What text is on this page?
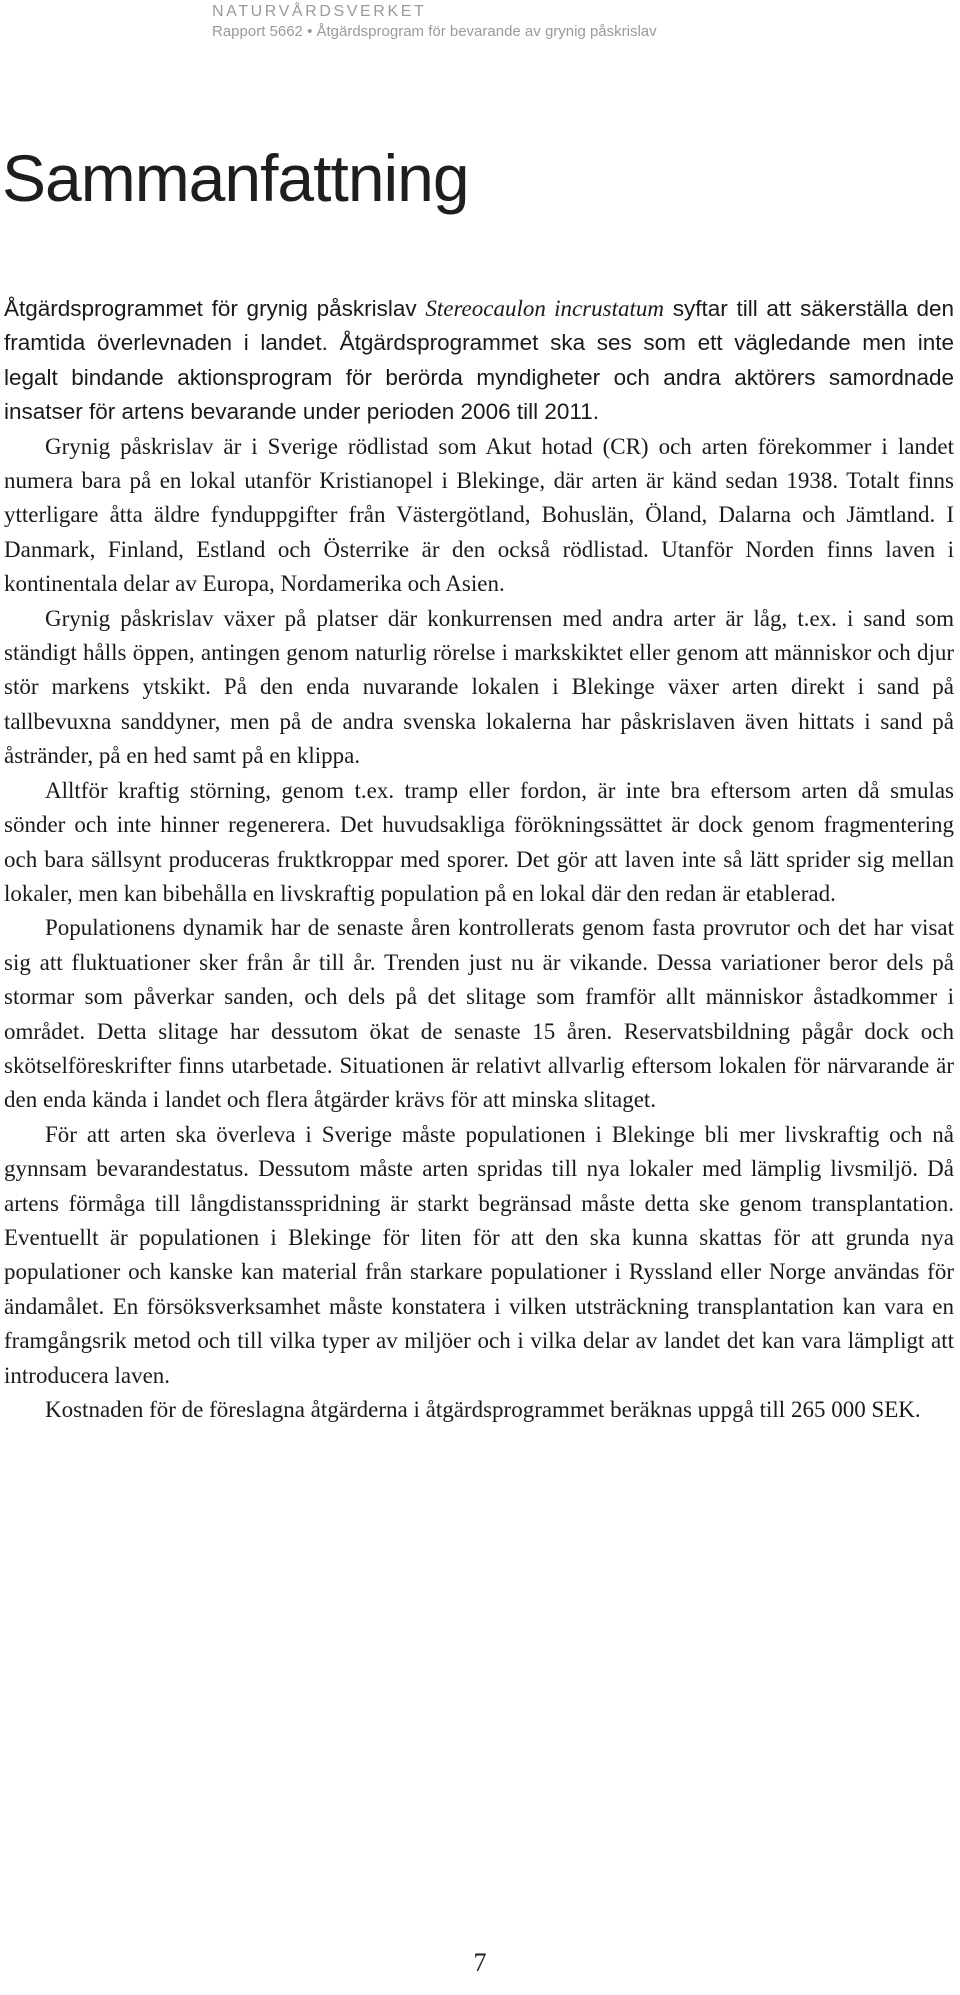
NATURVÅRDSVERKET
Rapport 5662 • Åtgärdsprogram för bevarande av grynig påskrislav
Sammanfattning

Åtgärdsprogrammet för grynig påskrislav Stereocaulon incrustatum syftar till att säkerställa den framtida överlevnaden i landet. Åtgärdsprogrammet ska ses som ett vägledande men inte legalt bindande aktionsprogram för berörda myndigheter och andra aktörers samordnade insatser för artens bevarande under perioden 2006 till 2011.

Grynig påskrislav är i Sverige rödlistad som Akut hotad (CR) och arten förekommer i landet numera bara på en lokal utanför Kristianopel i Blekinge, där arten är känd sedan 1938. Totalt finns ytterligare åtta äldre fynduppgifter från Västergötland, Bohuslän, Öland, Dalarna och Jämtland. I Danmark, Finland, Estland och Österrike är den också rödlistad. Utanför Norden finns laven i kontinentala delar av Europa, Nordamerika och Asien.

Grynig påskrislav växer på platser där konkurrensen med andra arter är låg, t.ex. i sand som ständigt hålls öppen, antingen genom naturlig rörelse i markskiktet eller genom att människor och djur stör markens ytskikt. På den enda nuvarande lokalen i Blekinge växer arten direkt i sand på tallbevuxna sanddyner, men på de andra svenska lokalerna har påskrislaven även hittats i sand på åstränder, på en hed samt på en klippa.

Alltför kraftig störning, genom t.ex. tramp eller fordon, är inte bra eftersom arten då smulas sönder och inte hinner regenerera. Det huvudsakliga förökningssättet är dock genom fragmentering och bara sällsynt produceras fruktkroppar med sporer. Det gör att laven inte så lätt sprider sig mellan lokaler, men kan bibehålla en livskraftig population på en lokal där den redan är etablerad.

Populationens dynamik har de senaste åren kontrollerats genom fasta provrutor och det har visat sig att fluktuationer sker från år till år. Trenden just nu är vikande. Dessa variationer beror dels på stormar som påverkar sanden, och dels på det slitage som framför allt människor åstadkommer i området. Detta slitage har dessutom ökat de senaste 15 åren. Reservatsbildning pågår dock och skötselföreskrifter finns utarbetade. Situationen är relativt allvarlig eftersom lokalen för närvarande är den enda kända i landet och flera åtgärder krävs för att minska slitaget.

För att arten ska överleva i Sverige måste populationen i Blekinge bli mer livskraftig och nå gynnsam bevarandestatus. Dessutom måste arten spridas till nya lokaler med lämplig livsmiljö. Då artens förmåga till långdistansspridning är starkt begränsad måste detta ske genom transplantation. Eventuellt är populationen i Blekinge för liten för att den ska kunna skattas för att grunda nya populationer och kanske kan material från starkare populationer i Ryssland eller Norge användas för ändamålet. En försöksverksamhet måste konstatera i vilken utsträckning transplantation kan vara en framgångsrik metod och till vilka typer av miljöer och i vilka delar av landet det kan vara lämpligt att introducera laven.

Kostnaden för de föreslagna åtgärderna i åtgärdsprogrammet beräknas uppgå till 265 000 SEK.

7
